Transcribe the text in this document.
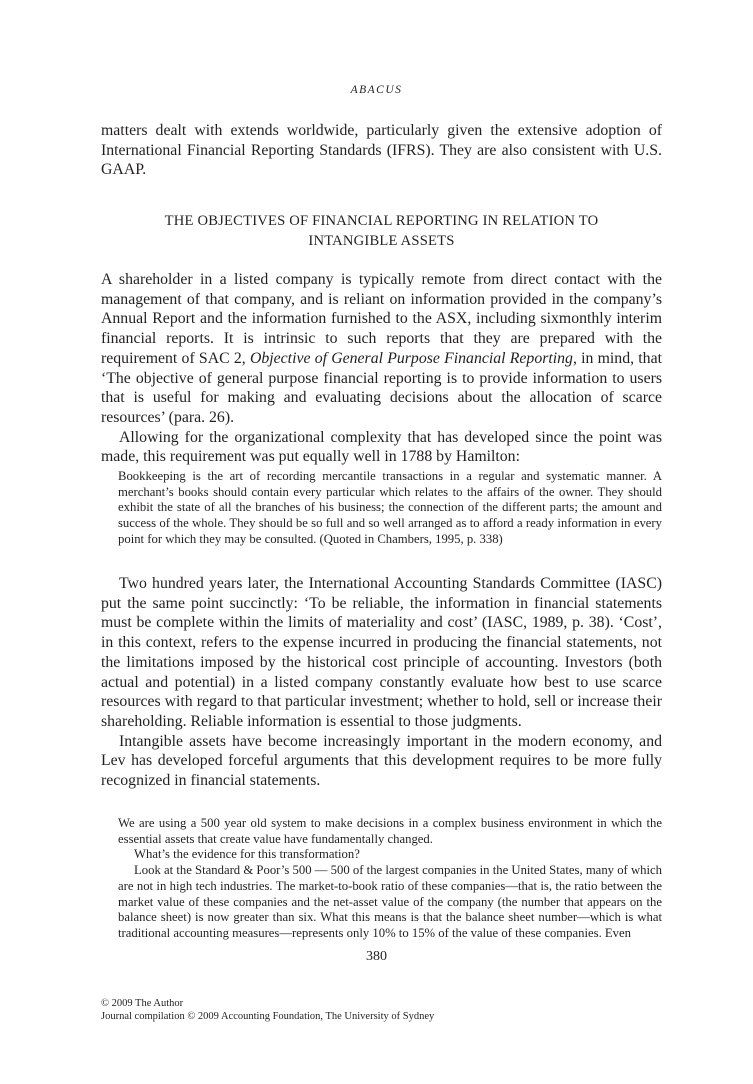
ABACUS

matters dealt with extends worldwide, particularly given the extensive adoption of International Financial Reporting Standards (IFRS). They are also consistent with U.S. GAAP.

THE OBJECTIVES OF FINANCIAL REPORTING IN RELATION TO
INTANGIBLE ASSETS

A shareholder in a listed company is typically remote from direct contact with the management of that company, and is reliant on information provided in the company’s Annual Report and the information furnished to the ASX, including sixmonthly interim financial reports. It is intrinsic to such reports that they are prepared with the requirement of SAC 2, Objective of General Purpose Financial Reporting, in mind, that ‘The objective of general purpose financial reporting is to provide information to users that is useful for making and evaluating decisions about the allocation of scarce resources’ (para. 26).

Allowing for the organizational complexity that has developed since the point was made, this requirement was put equally well in 1788 by Hamilton:

Bookkeeping is the art of recording mercantile transactions in a regular and systematic manner. A merchant’s books should contain every particular which relates to the affairs of the owner. They should exhibit the state of all the branches of his business; the connection of the different parts; the amount and success of the whole. They should be so full and so well arranged as to afford a ready information in every point for which they may be consulted. (Quoted in Chambers, 1995, p. 338)

Two hundred years later, the International Accounting Standards Committee (IASC) put the same point succinctly: ‘To be reliable, the information in financial statements must be complete within the limits of materiality and cost’ (IASC, 1989, p. 38). ‘Cost’, in this context, refers to the expense incurred in producing the financial statements, not the limitations imposed by the historical cost principle of accounting. Investors (both actual and potential) in a listed company constantly evaluate how best to use scarce resources with regard to that particular investment; whether to hold, sell or increase their shareholding. Reliable information is essential to those judgments.

Intangible assets have become increasingly important in the modern economy, and Lev has developed forceful arguments that this development requires to be more fully recognized in financial statements.

We are using a 500 year old system to make decisions in a complex business environment in which the essential assets that create value have fundamentally changed.

What’s the evidence for this transformation?

Look at the Standard & Poor’s 500 — 500 of the largest companies in the United States, many of which are not in high tech industries. The market-to-book ratio of these companies—that is, the ratio between the market value of these companies and the net-asset value of the company (the number that appears on the balance sheet) is now greater than six. What this means is that the balance sheet number—which is what traditional accounting measures—represents only 10% to 15% of the value of these companies. Even

380
© 2009 The Author
Journal compilation © 2009 Accounting Foundation, The University of Sydney
